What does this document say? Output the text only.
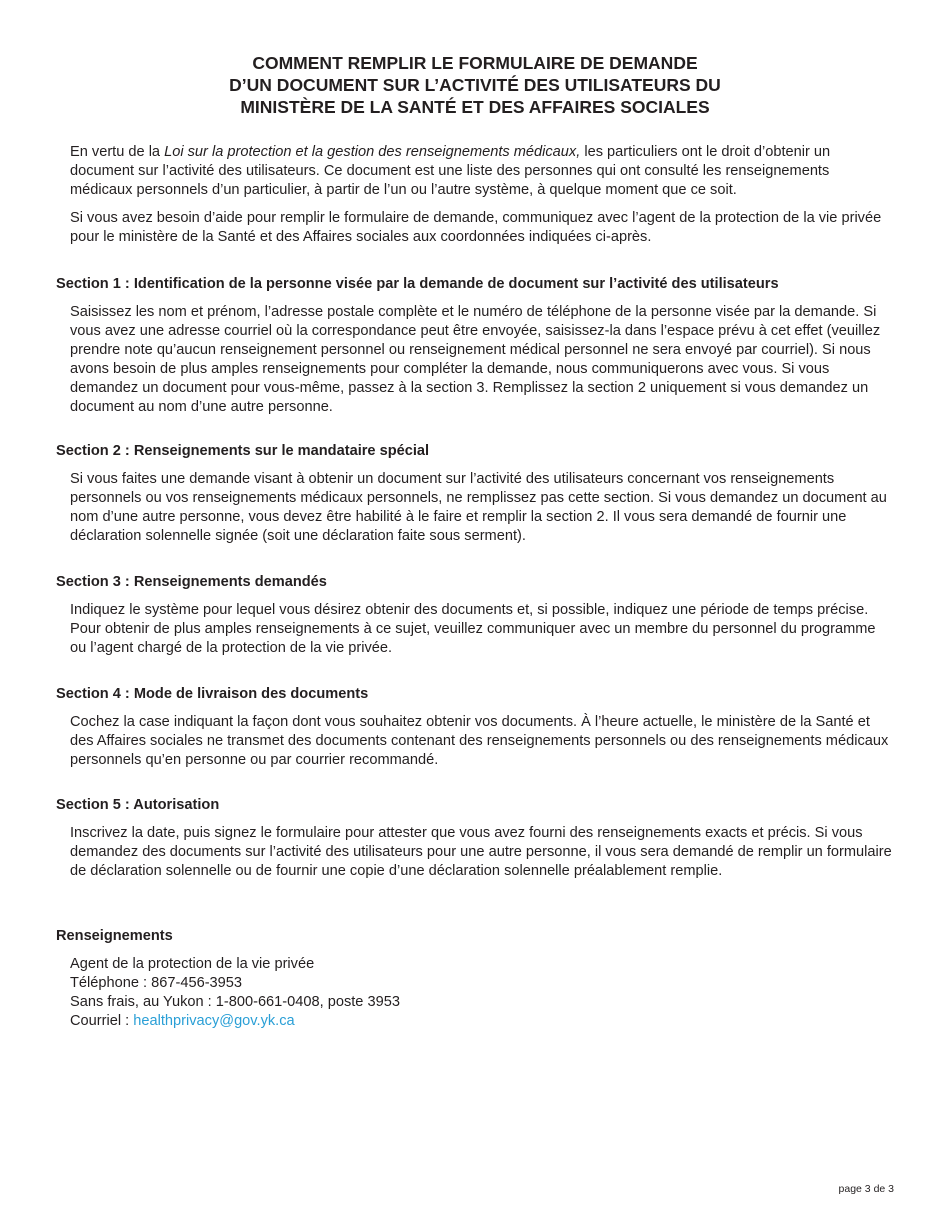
COMMENT REMPLIR LE FORMULAIRE DE DEMANDE
D’UN DOCUMENT SUR L’ACTIVITÉ DES UTILISATEURS DU
MINISTÈRE DE LA SANTÉ ET DES AFFAIRES SOCIALES

En vertu de la Loi sur la protection et la gestion des renseignements médicaux, les particuliers ont le droit d’obtenir un document sur l’activité des utilisateurs. Ce document est une liste des personnes qui ont consulté les renseignements médicaux personnels d’un particulier, à partir de l’un ou l’autre système, à quelque moment que ce soit.

Si vous avez besoin d’aide pour remplir le formulaire de demande, communiquez avec l’agent de la protection de la vie privée pour le ministère de la Santé et des Affaires sociales aux coordonnées indiquées ci-après.

Section 1 : Identification de la personne visée par la demande de document sur l’activité des utilisateurs

Saisissez les nom et prénom, l’adresse postale complète et le numéro de téléphone de la personne visée par la demande. Si vous avez une adresse courriel où la correspondance peut être envoyée, saisissez-la dans l’espace prévu à cet effet (veuillez prendre note qu’aucun renseignement personnel ou renseignement médical personnel ne sera envoyé par courriel). Si nous avons besoin de plus amples renseignements pour compléter la demande, nous communiquerons avec vous. Si vous demandez un document pour vous-même, passez à la section 3. Remplissez la section 2 uniquement si vous demandez un document au nom d’une autre personne.

Section 2 : Renseignements sur le mandataire spécial

Si vous faites une demande visant à obtenir un document sur l’activité des utilisateurs concernant vos renseignements personnels ou vos renseignements médicaux personnels, ne remplissez pas cette section. Si vous demandez un document au nom d’une autre personne, vous devez être habilité à le faire et remplir la section 2. Il vous sera demandé de fournir une déclaration solennelle signée (soit une déclaration faite sous serment).

Section 3 : Renseignements demandés

Indiquez le système pour lequel vous désirez obtenir des documents et, si possible, indiquez une période de temps précise. Pour obtenir de plus amples renseignements à ce sujet, veuillez communiquer avec un membre du personnel du programme ou l’agent chargé de la protection de la vie privée.

Section 4 : Mode de livraison des documents

Cochez la case indiquant la façon dont vous souhaitez obtenir vos documents. À l’heure actuelle, le ministère de la Santé et des Affaires sociales ne transmet des documents contenant des renseignements personnels ou des renseignements médicaux personnels qu’en personne ou par courrier recommandé.

Section 5 : Autorisation

Inscrivez la date, puis signez le formulaire pour attester que vous avez fourni des renseignements exacts et précis. Si vous demandez des documents sur l’activité des utilisateurs pour une autre personne, il vous sera demandé de remplir un formulaire de déclaration solennelle ou de fournir une copie d’une déclaration solennelle préalablement remplie.

Renseignements
Agent de la protection de la vie privée
Téléphone : 867-456-3953
Sans frais, au Yukon : 1-800-661-0408, poste 3953
Courriel : healthprivacy@gov.yk.ca
page 3 de 3
